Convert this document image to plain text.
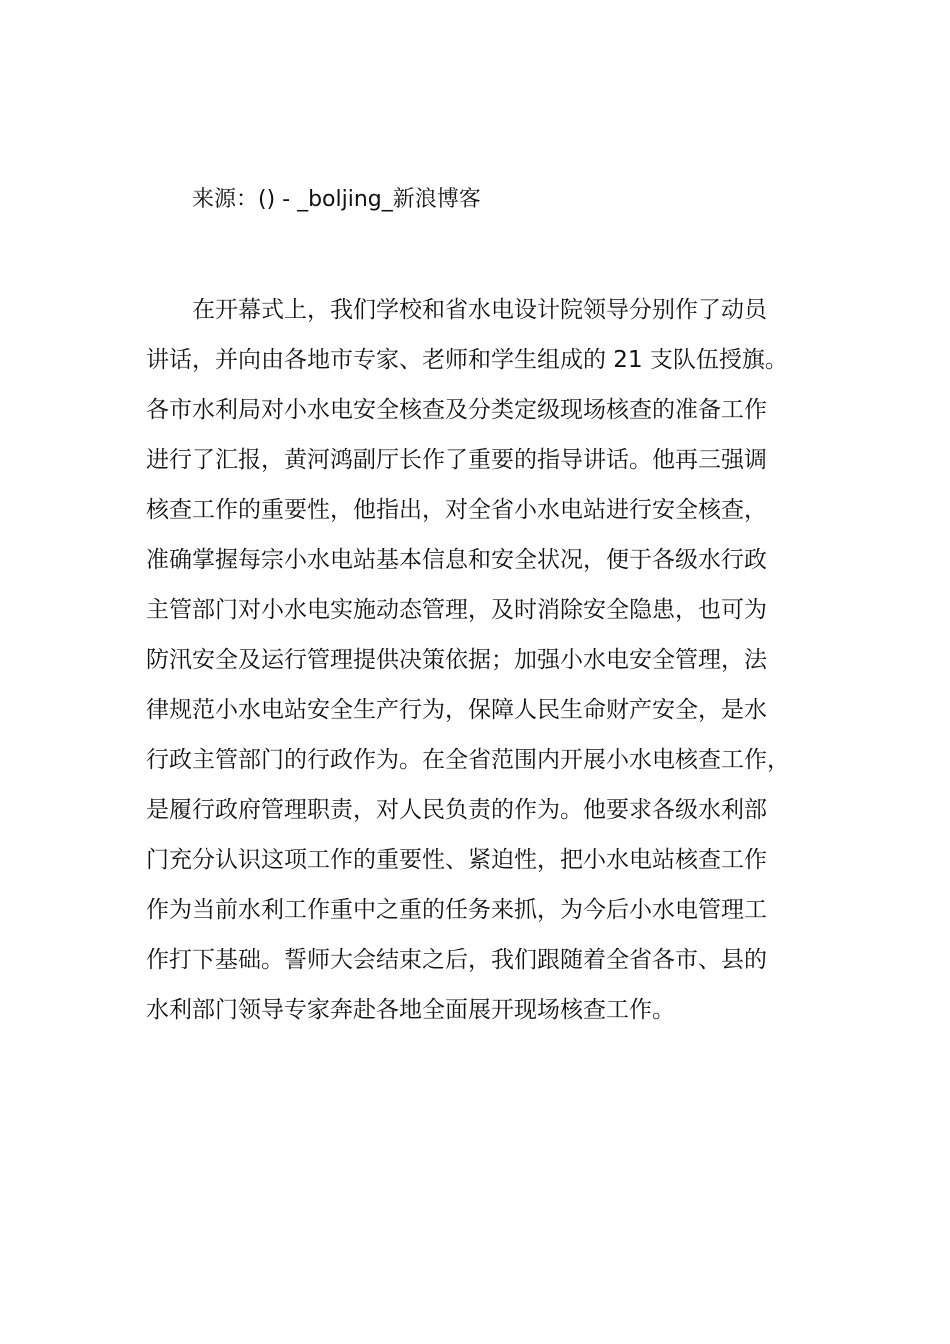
来源：() - _boljing_新浪博客
在开幕式上，我们学校和省水电设计院领导分别作了动员
讲话，并向由各地市专家、老师和学生组成的 21 支队伍授旗。
各市水利局对小水电安全核查及分类定级现场核查的准备工作
进行了汇报，黄河鸿副厅长作了重要的指导讲话。他再三强调
核查工作的重要性，他指出，对全省小水电站进行安全核查，
准确掌握每宗小水电站基本信息和安全状况，便于各级水行政
主管部门对小水电实施动态管理，及时消除安全隐患，也可为
防汛安全及运行管理提供决策依据；加强小水电安全管理，法
律规范小水电站安全生产行为，保障人民生命财产安全，是水
行政主管部门的行政作为。在全省范围内开展小水电核查工作，
是履行政府管理职责，对人民负责的作为。他要求各级水利部
门充分认识这项工作的重要性、紧迫性，把小水电站核查工作
作为当前水利工作重中之重的任务来抓，为今后小水电管理工
作打下基础。誓师大会结束之后，我们跟随着全省各市、县的
水利部门领导专家奔赴各地全面展开现场核查工作。
